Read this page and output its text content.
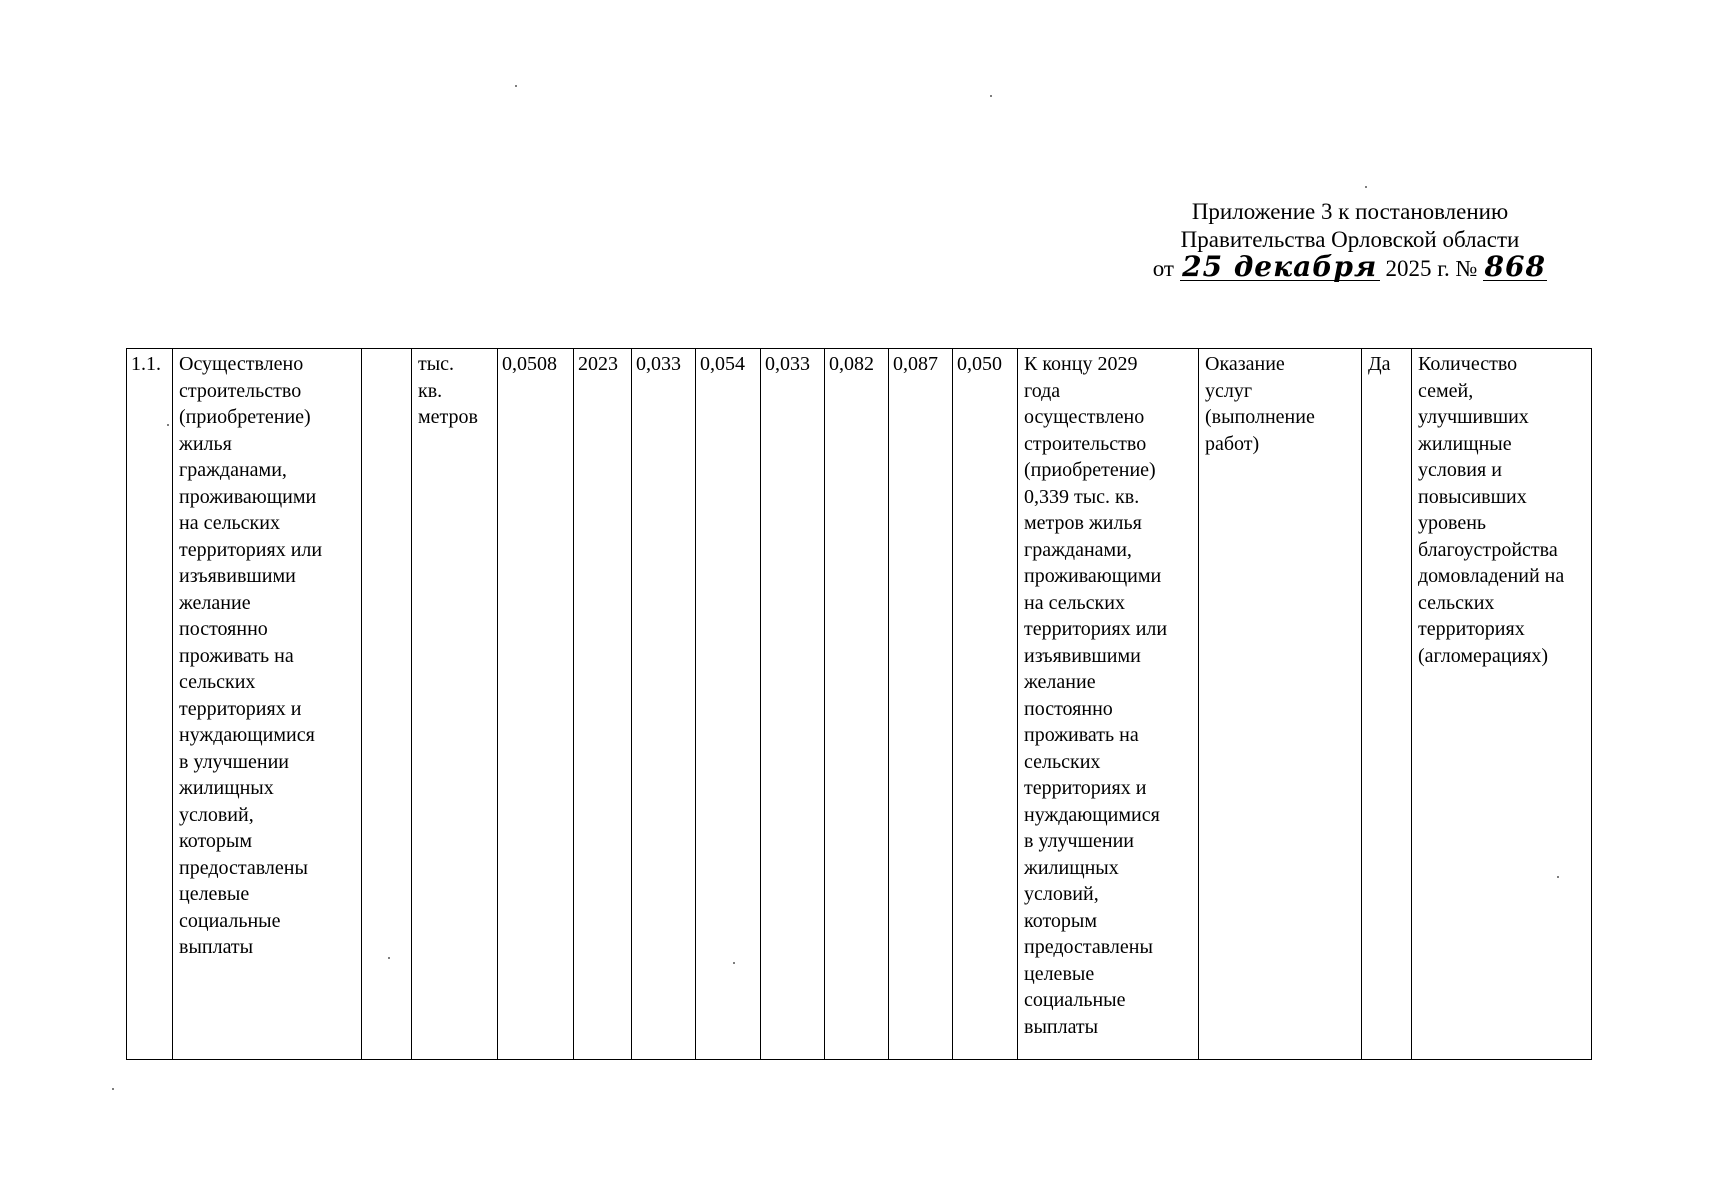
Приложение 3 к постановлению
Правительства Орловской области
от 25 декабря 2025 г. № 868
1.1.	Осуществлено
строительство
(приобретение)
жилья
гражданами,
проживающими
на сельских
территориях или
изъявившими
желание
постоянно
проживать на
сельских
территориях и
нуждающимися
в улучшении
жилищных
условий,
которым
предоставлены
целевые
социальные
выплаты		тыс.
кв.
метров	0,0508	2023	0,033	0,054	0,033	0,082	0,087	0,050	К концу 2029
года
осуществлено
строительство
(приобретение)
0,339 тыс. кв.
метров жилья
гражданами,
проживающими
на сельских
территориях или
изъявившими
желание
постоянно
проживать на
сельских
территориях и
нуждающимися
в улучшении
жилищных
условий,
которым
предоставлены
целевые
социальные
выплаты	Оказание
услуг
(выполнение
работ)	Да	Количество
семей,
улучшивших
жилищные
условия и
повысивших
уровень
благоустройства
домовладений на
сельских
территориях
(агломерациях)
